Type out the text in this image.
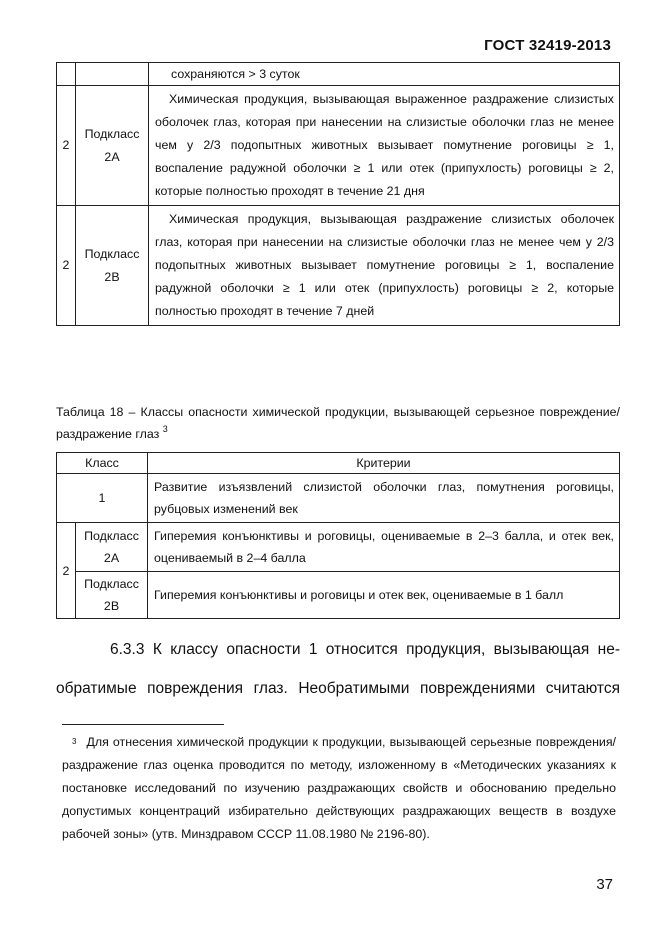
ГОСТ 32419-2013
		сохраняются > 3 суток
2	Подкласс 2А	Химическая продукция, вызывающая выраженное раздражение слизистых оболочек глаз, которая при нанесении на слизистые оболочки глаз не менее чем у 2/3 подопытных животных вызывает помутнение роговицы ≥ 1, воспаление радужной оболочки ≥ 1 или отек (припухлость) роговицы ≥ 2, которые полностью проходят в течение 21 дня

2	Подкласс 2В	Химическая продукция, вызывающая раздражение слизистых оболочек глаз, которая при нанесении на слизистые оболочки глаз не менее чем у 2/3 подопытных животных вызывает помутнение роговицы ≥ 1, воспаление радужной оболочки ≥ 1 или отек (припухлость) роговицы ≥ 2, которые полностью проходят в течение 7 дней

Таблица 18 – Классы опасности химической продукции, вызывающей серьезное повреждение/раздражение глаз $^3$
Класс		Критерии
1		Развитие изъязвлений слизистой оболочки глаз, помутнения роговицы, рубцовых изменений век
2	Подкласс 2А	Гиперемия конъюнктивы и роговицы, оцениваемые в 2–3 балла, и отек век, оцениваемый в 2–4 балла
	Подкласс 2В	Гиперемия конъюнктивы и роговицы и отек век, оцениваемые в 1 балл
6.3.3 К классу опасности 1 относится продукция, вызывающая не-
обратимые повреждения глаз. Необратимыми повреждениями считаются
$^3$ Для отнесения химической продукции к продукции, вызывающей серьезные повреждения/раздражение глаз оценка проводится по методу, изложенному в «Методических указаниях к постановке исследований по изучению раздражающих свойств и обоснованию предельно допустимых концентраций избирательно действующих раздражающих веществ в воздухе рабочей зоны» (утв. Минздравом СССР 11.08.1980 № 2196-80).
37
